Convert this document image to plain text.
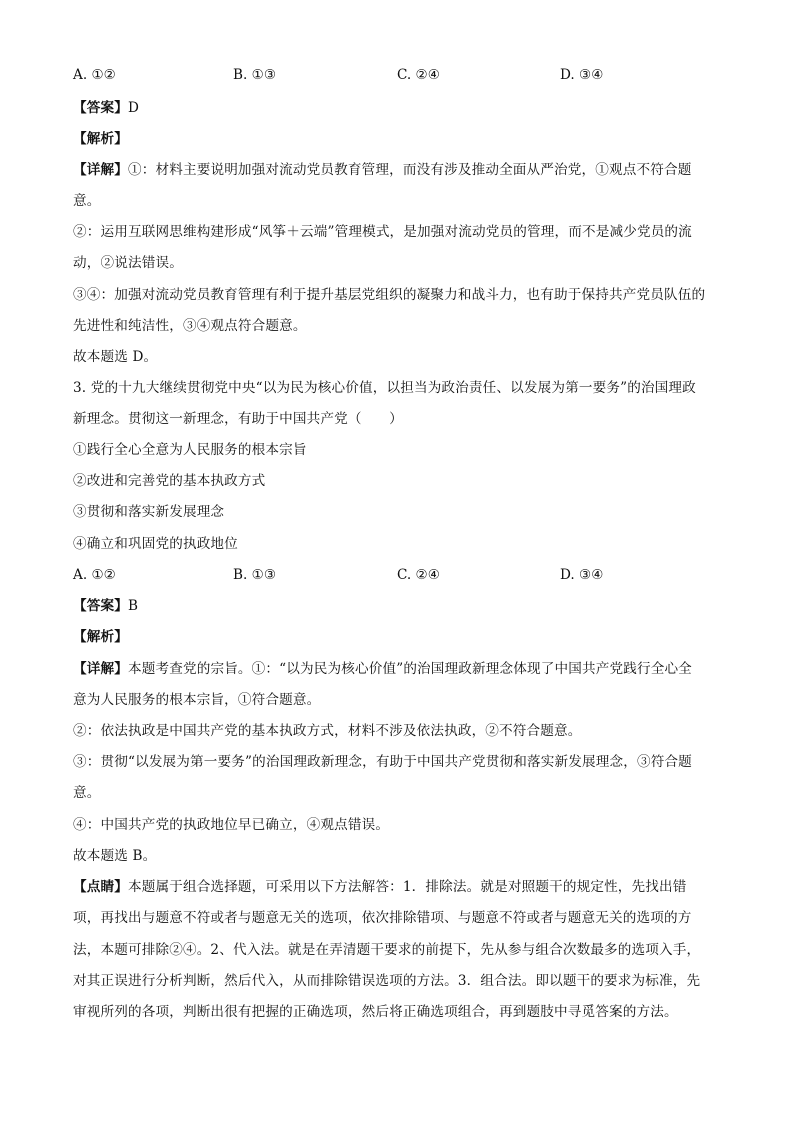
A. ①②	B. ①③	C. ②④	D. ③④
【答案】D
【解析】
【详解】①：材料主要说明加强对流动党员教育管理，而没有涉及推动全面从严治党，①观点不符合题
意。
②：运用互联网思维构建形成“风筝＋云端”管理模式，是加强对流动党员的管理，而不是减少党员的流
动，②说法错误。
③④：加强对流动党员教育管理有利于提升基层党组织的凝聚力和战斗力，也有助于保持共产党员队伍的
先进性和纯洁性，③④观点符合题意。
故本题选 D。
3. 党的十九大继续贯彻党中央“以为民为核心价值，以担当为政治责任、以发展为第一要务”的治国理政
新理念。贯彻这一新理念，有助于中国共产党（　　）
①践行全心全意为人民服务的根本宗旨
②改进和完善党的基本执政方式
③贯彻和落实新发展理念
④确立和巩固党的执政地位
A. ①②	B. ①③	C. ②④	D. ③④
【答案】B
【解析】
【详解】本题考查党的宗旨。①：“以为民为核心价值”的治国理政新理念体现了中国共产党践行全心全
意为人民服务的根本宗旨，①符合题意。
②：依法执政是中国共产党的基本执政方式，材料不涉及依法执政，②不符合题意。
③：贯彻“以发展为第一要务”的治国理政新理念，有助于中国共产党贯彻和落实新发展理念，③符合题
意。
④：中国共产党的执政地位早已确立，④观点错误。
故本题选 B。
【点睛】本题属于组合选择题，可采用以下方法解答：1．排除法。就是对照题干的规定性，先找出错
项，再找出与题意不符或者与题意无关的选项，依次排除错项、与题意不符或者与题意无关的选项的方
法，本题可排除②④。2、代入法。就是在弄清题干要求的前提下，先从参与组合次数最多的选项入手，
对其正误进行分析判断，然后代入，从而排除错误选项的方法。3．组合法。即以题干的要求为标准，先
审视所列的各项，判断出很有把握的正确选项，然后将正确选项组合，再到题肢中寻觅答案的方法。
